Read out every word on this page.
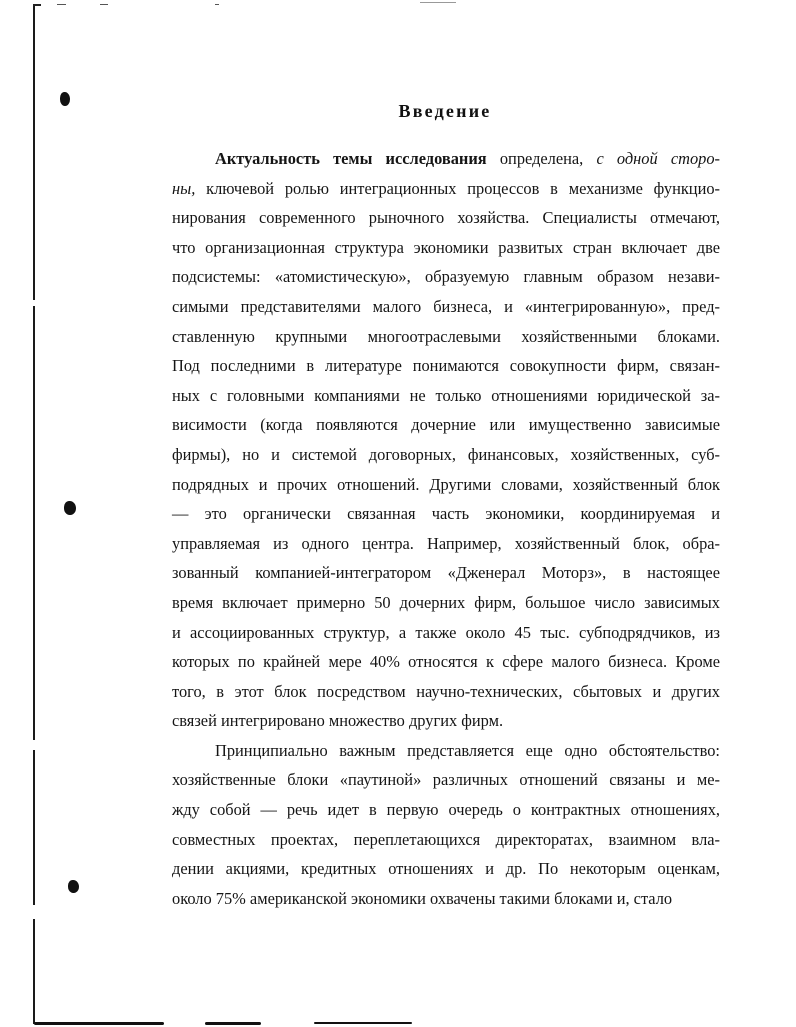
Введение
Актуальность темы исследования определена, с одной сторо-
ны, ключевой ролью интеграционных процессов в механизме функцио-
нирования современного рыночного хозяйства. Специалисты отмечают,
что организационная структура экономики развитых стран включает две
подсистемы: «атомистическую», образуемую главным образом незави-
симыми представителями малого бизнеса, и «интегрированную», пред-
ставленную крупными многоотраслевыми хозяйственными блоками.
Под последними в литературе понимаются совокупности фирм, связан-
ных с головными компаниями не только отношениями юридической за-
висимости (когда появляются дочерние или имущественно зависимые
фирмы), но и системой договорных, финансовых, хозяйственных, суб-
подрядных и прочих отношений. Другими словами, хозяйственный блок
— это органически связанная часть экономики, координируемая и
управляемая из одного центра. Например, хозяйственный блок, обра-
зованный компанией-интегратором «Дженерал Моторз», в настоящее
время включает примерно 50 дочерних фирм, большое число зависимых
и ассоциированных структур, а также около 45 тыс. субподрядчиков, из
которых по крайней мере 40% относятся к сфере малого бизнеса. Кроме
того, в этот блок посредством научно-технических, сбытовых и других
связей интегрировано множество других фирм.
Принципиально важным представляется еще одно обстоятельство:
хозяйственные блоки «паутиной» различных отношений связаны и ме-
жду собой — речь идет в первую очередь о контрактных отношениях,
совместных проектах, переплетающихся директоратах, взаимном вла-
дении акциями, кредитных отношениях и др. По некоторым оценкам,
около 75% американской экономики охвачены такими блоками и, стало
